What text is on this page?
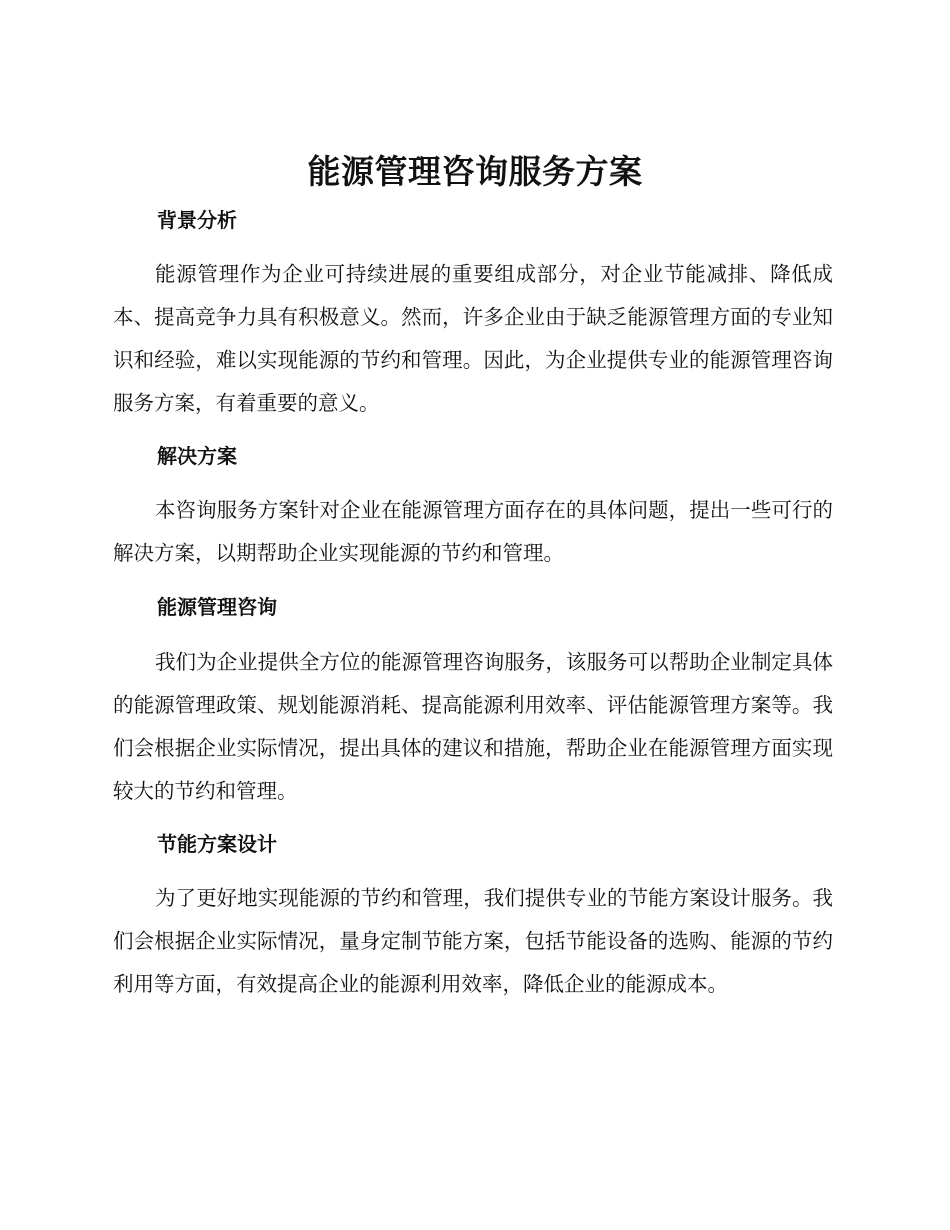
能源管理咨询服务方案
背景分析
能源管理作为企业可持续进展的重要组成部分，对企业节能减排、降低成本、提高竞争力具有积极意义。然而，许多企业由于缺乏能源管理方面的专业知识和经验，难以实现能源的节约和管理。因此，为企业提供专业的能源管理咨询服务方案，有着重要的意义。
解决方案
本咨询服务方案针对企业在能源管理方面存在的具体问题，提出一些可行的解决方案，以期帮助企业实现能源的节约和管理。
能源管理咨询
我们为企业提供全方位的能源管理咨询服务，该服务可以帮助企业制定具体的能源管理政策、规划能源消耗、提高能源利用效率、评估能源管理方案等。我们会根据企业实际情况，提出具体的建议和措施，帮助企业在能源管理方面实现较大的节约和管理。
节能方案设计
为了更好地实现能源的节约和管理，我们提供专业的节能方案设计服务。我们会根据企业实际情况，量身定制节能方案，包括节能设备的选购、能源的节约利用等方面，有效提高企业的能源利用效率，降低企业的能源成本。
